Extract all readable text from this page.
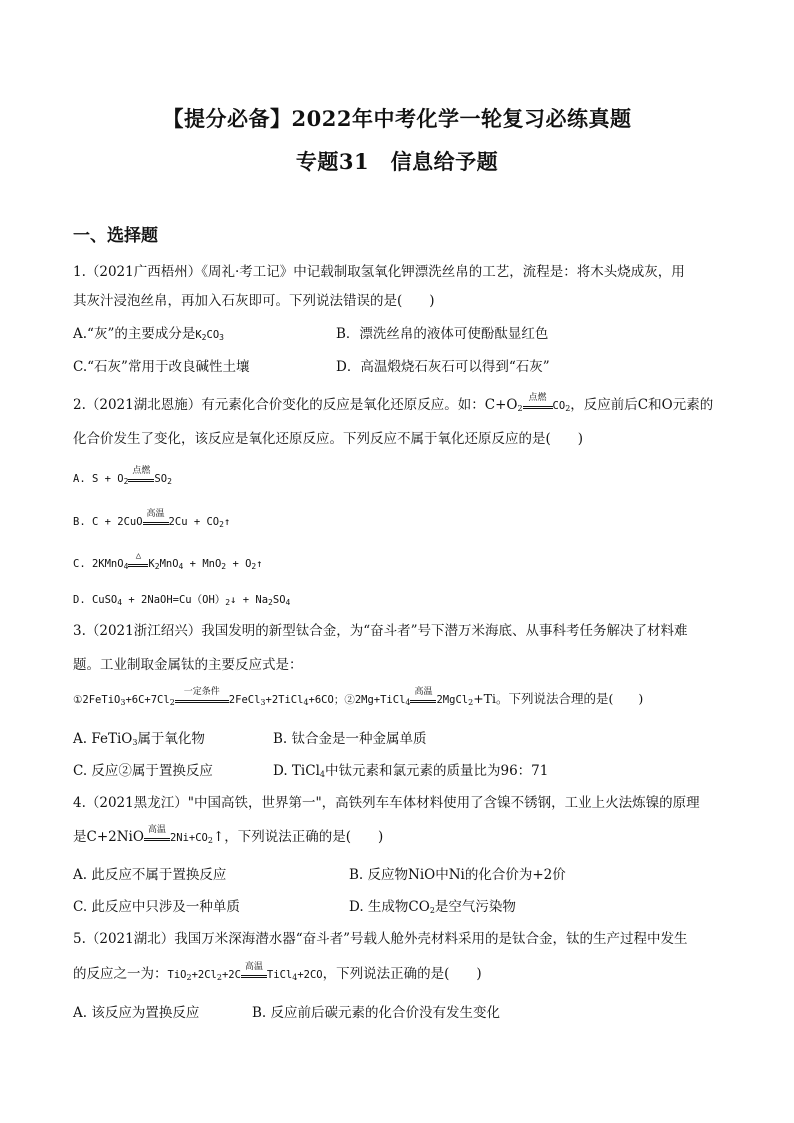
【提分必备】2022年中考化学一轮复习必练真题
专题31　信息给予题
一、选择题
1.（2021广西梧州）《周礼·考工记》中记载制取氢氧化钾漂洗丝帛的工艺，流程是：将木头烧成灰，用
其灰汁浸泡丝帛，再加入石灰即可。下列说法错误的是(　　)
A.“灰”的主要成分是$K_2CO_3$	B．漂洗丝帛的液体可使酚酞显红色
C.“石灰”常用于改良碱性土壤	D．高温煅烧石灰石可以得到“石灰”
2.（2021湖北恩施）有元素化合价变化的反应是氧化还原反应。如：$C+O_2$
点燃
$CO_2$，反应前后C和O元素的
化合价发生了变化，该反应是氧化还原反应。下列反应不属于氧化还原反应的是(　　)
A. $S + O_2$
点燃
$SO_2$
B. C + 2CuO
高温
$2Cu + CO_2↑$
C. 2KMnO$_4$
△
$K_2MnO_4 + MnO_2$ + $O_2↑$
D. CuSO$_4$ + $2NaOH=Cu(OH)_2↓ + Na_2SO_4$
3.（2021浙江绍兴）我国发明的新型钛合金，为“奋斗者”号下潜万米海底、从事科考任务解决了材料难
题。工业制取金属钛的主要反应式是：
$①2FeTiO_3+6C+7Cl_2$
一定条件
2FeCl$_3$+2TiCl$_4$+6CO；②2Mg+TiCl$_4$
高温
2MgCl$_2$+Ti。下列说法合理的是(　　)
A. FeTiO$_3$属于氧化物	B. 钛合金是一种金属单质
C. 反应②属于置换反应	D. TiCl$_4$中钛元素和氯元素的质量比为96：71
4.（2021黑龙江）"中国高铁，世界第一"，高铁列车车体材料使用了含镍不锈钢，工业上火法炼镍的原理
是C+2NiO 高温
$2Ni+CO_2↑$，下列说法正确的是(　　)
A. 此反应不属于置换反应	B. 反应物NiO中Ni的化合价为+2价
C. 此反应中只涉及一种单质	D. 生成物$CO_2$是空气污染物
5.（2021湖北）我国万米深海潜水器“奋斗者”号载人舱外壳材料采用的是钛合金，钛的生产过程中发生
的反应之一为：$TiO_2+2Cl_2+2C$
高温
TiCl$_4$+2CO，下列说法正确的是(　　)
A. 该反应为置换反应	B. 反应前后碳元素的化合价没有发生变化
